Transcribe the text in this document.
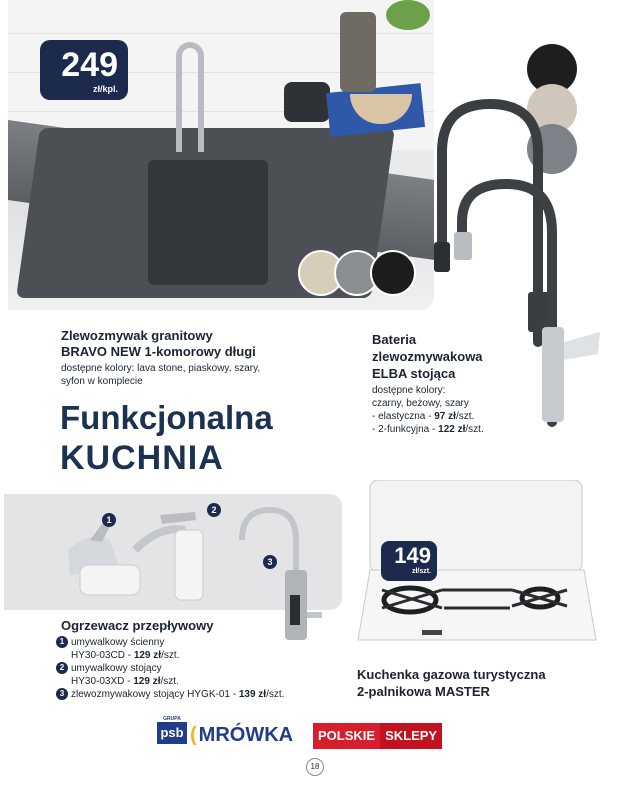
249
zł/kpl.
Zlewozmywak granitowy
BRAVO NEW 1-komorowy długi
dostępne kolory: lava stone, piaskowy, szary,
syfon w komplecie
Bateria
zlewozmywakowa
ELBA stojąca
dostępne kolory:
czarny, beżowy, szary
- elastyczna - 97 zł/szt.
- 2-funkcyjna - 122 zł/szt.
Funkcjonalna
KUCHNIA
1
2
3
Ogrzewacz przepływowy
1 umywalkowy ścienny
HY30-03CD - 129 zł/szt.
2 umywalkowy stojący
HY30-03XD - 129 zł/szt.
3 zlewozmywakowy stojący HYGK-01 - 139 zł/szt.
149
zł/szt.
Kuchenka gazowa turystyczna
2-palnikowa MASTER
GRUPA
psb ( MRÓWKA	POLSKIE SKLEPY
18
